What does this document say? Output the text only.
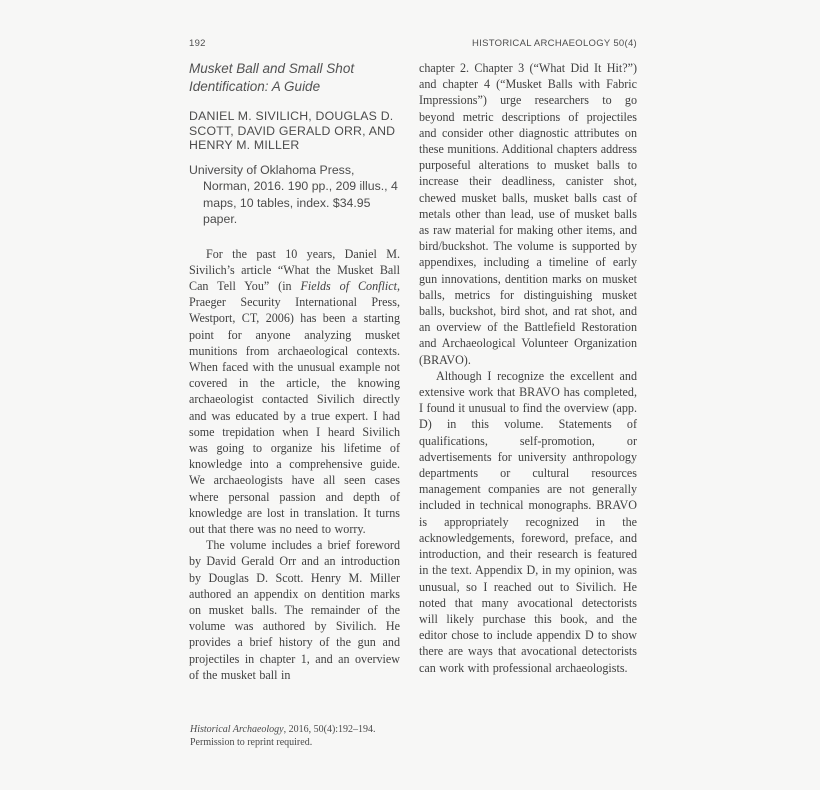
192	HISTORICAL ARCHAEOLOGY 50(4)
Musket Ball and Small Shot Identification: A Guide
DANIEL M. SIVILICH, DOUGLAS D. SCOTT, DAVID GERALD ORR, AND HENRY M. MILLER
University of Oklahoma Press, Norman, 2016. 190 pp., 209 illus., 4 maps, 10 tables, index. $34.95 paper.

For the past 10 years, Daniel M. Sivilich’s article “What the Musket Ball Can Tell You” (in Fields of Conflict, Praeger Security International Press, Westport, CT, 2006) has been a starting point for anyone analyzing musket munitions from archaeological contexts. When faced with the unusual example not covered in the article, the knowing archaeologist contacted Sivilich directly and was educated by a true expert. I had some trepidation when I heard Sivilich was going to organize his lifetime of knowledge into a comprehensive guide. We archaeologists have all seen cases where personal passion and depth of knowledge are lost in translation. It turns out that there was no need to worry.

The volume includes a brief foreword by David Gerald Orr and an introduction by Douglas D. Scott. Henry M. Miller authored an appendix on dentition marks on musket balls. The remainder of the volume was authored by Sivilich. He provides a brief history of the gun and projectiles in chapter 1, and an overview of the musket ball in

chapter 2. Chapter 3 (“What Did It Hit?”) and chapter 4 (“Musket Balls with Fabric Impressions”) urge researchers to go beyond metric descriptions of projectiles and consider other diagnostic attributes on these munitions. Additional chapters address purposeful alterations to musket balls to increase their deadliness, canister shot, chewed musket balls, musket balls cast of metals other than lead, use of musket balls as raw material for making other items, and bird/buckshot. The volume is supported by appendixes, including a timeline of early gun innovations, dentition marks on musket balls, metrics for distinguishing musket balls, buckshot, bird shot, and rat shot, and an overview of the Battlefield Restoration and Archaeological Volunteer Organization (BRAVO).

Although I recognize the excellent and extensive work that BRAVO has completed, I found it unusual to find the overview (app. D) in this volume. Statements of qualifications, self-promotion, or advertisements for university anthropology departments or cultural resources management companies are not generally included in technical monographs. BRAVO is appropriately recognized in the acknowledgements, foreword, preface, and introduction, and their research is featured in the text. Appendix D, in my opinion, was unusual, so I reached out to Sivilich. He noted that many avocational detectorists will likely purchase this book, and the editor chose to include appendix D to show there are ways that avocational detectorists can work with professional archaeologists.

Historical Archaeology, 2016, 50(4):192–194.
Permission to reprint required.
